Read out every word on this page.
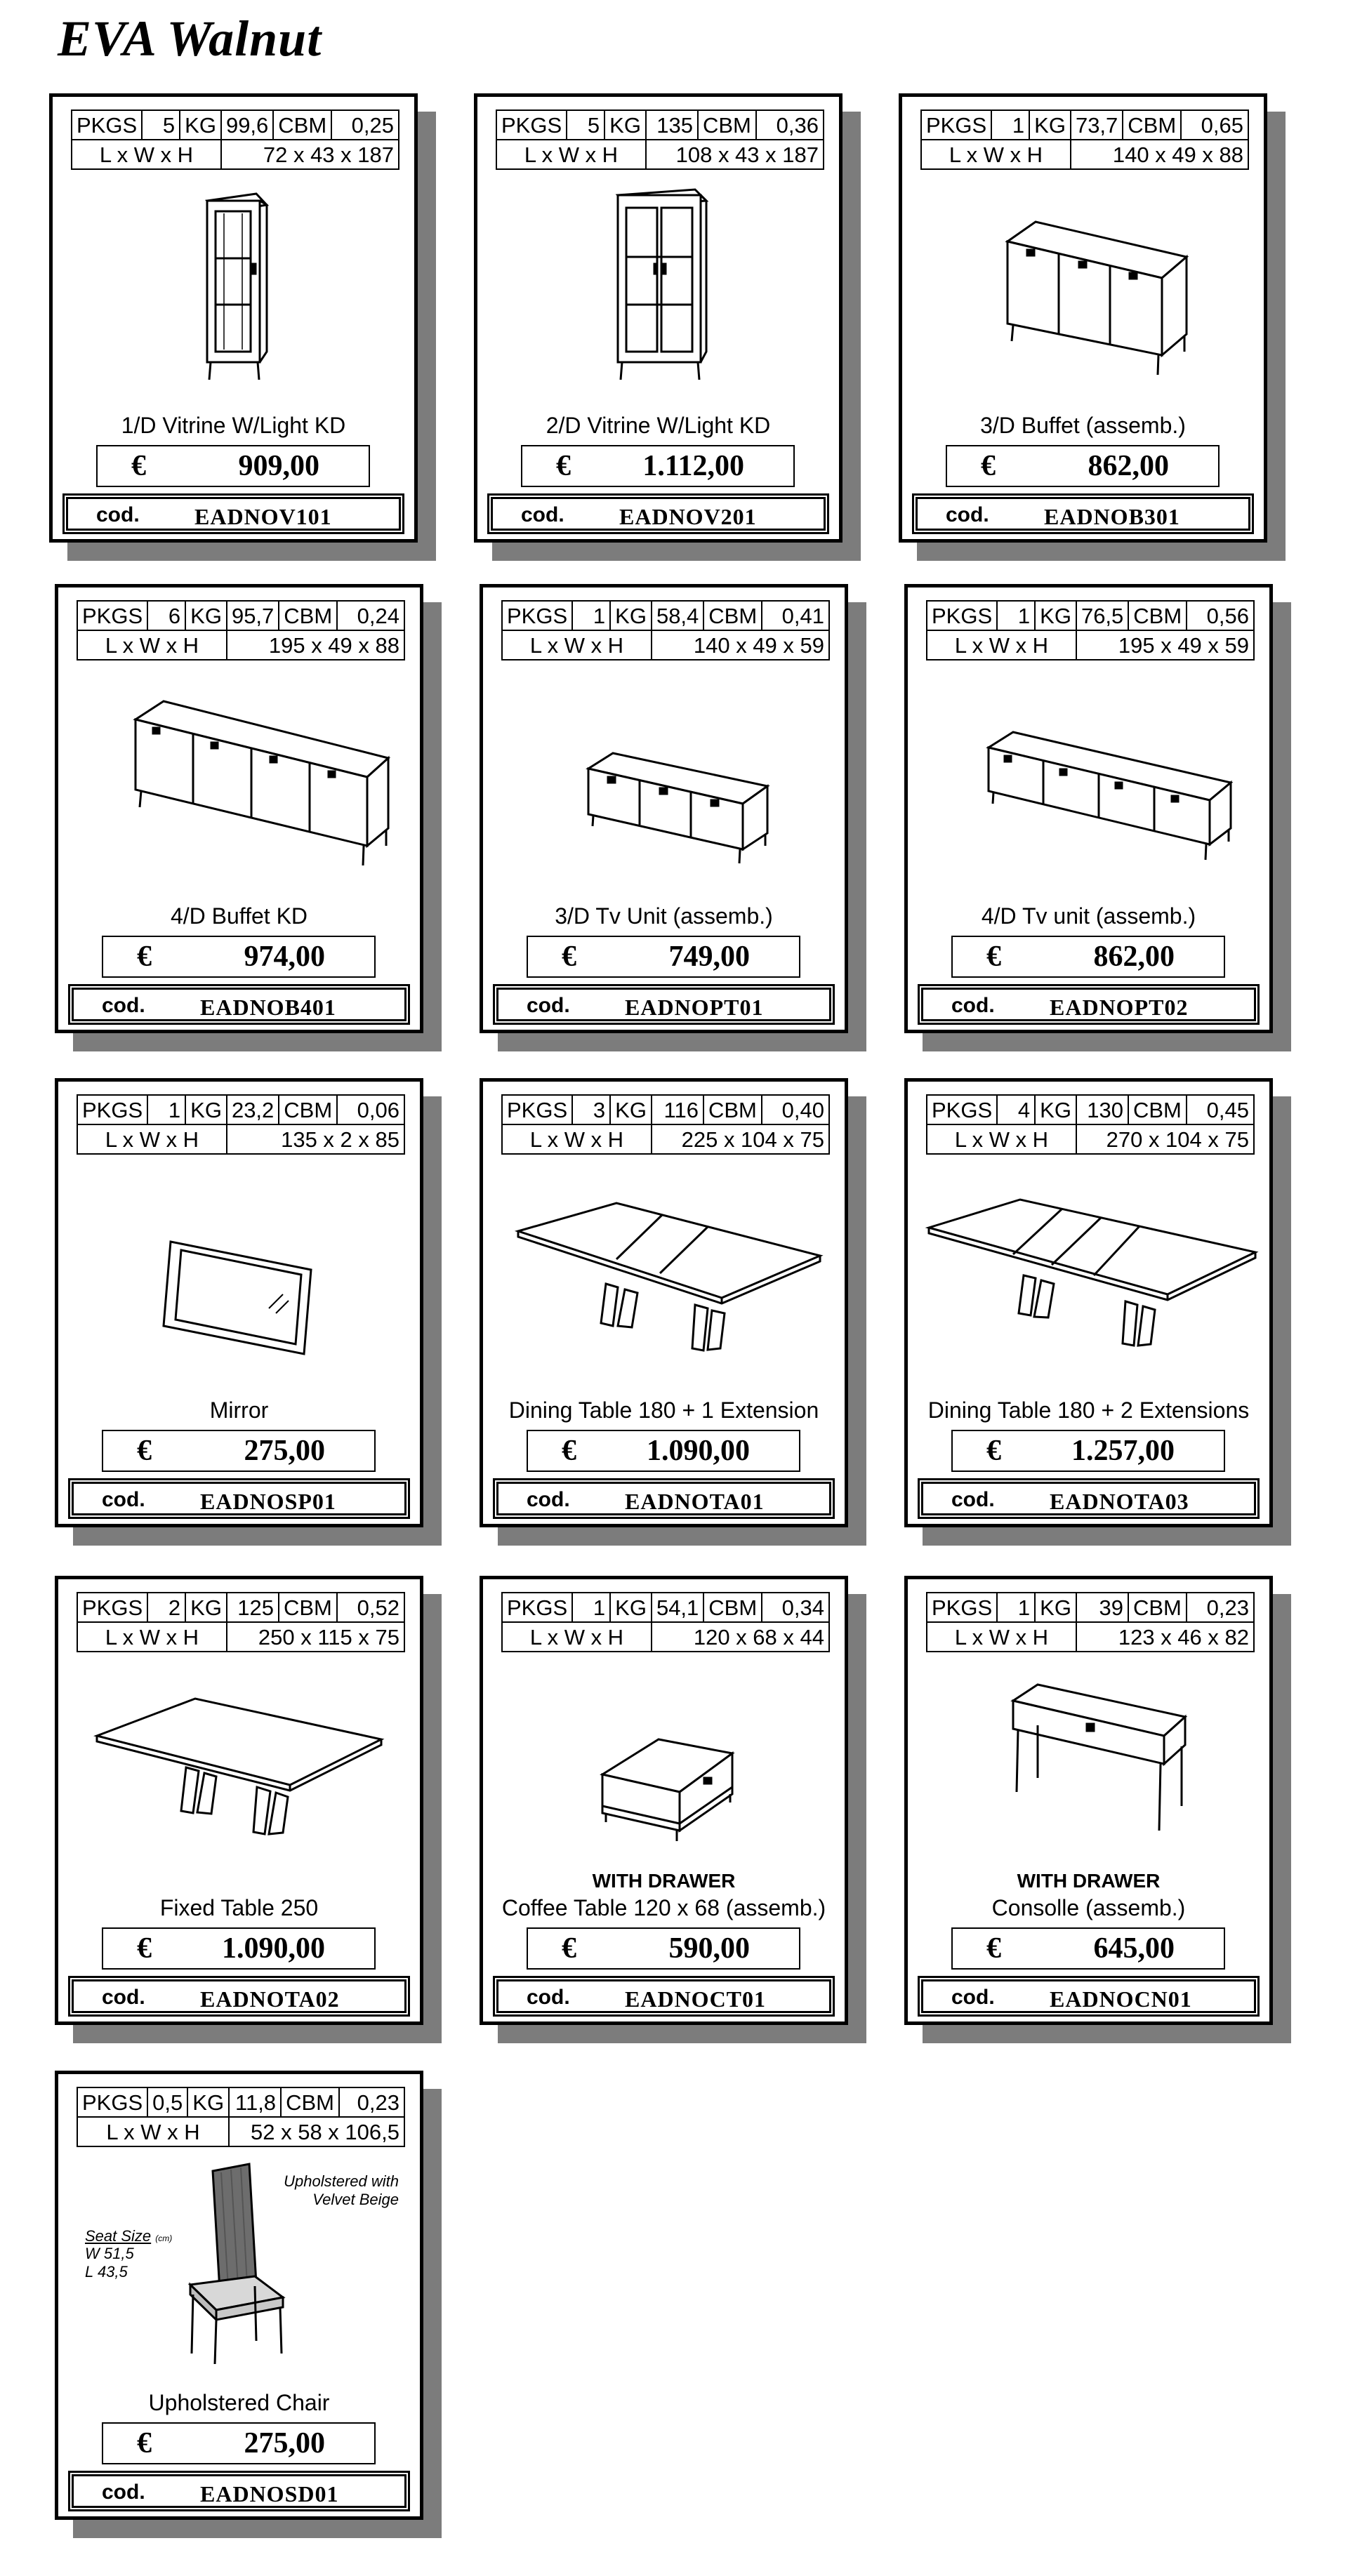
EVA Walnut
PKGS	5	KG	99,6	CBM	0,25
L x W x H			72 x 43 x 187		
1/D Vitrine W/Light KD
€	909,00
cod. EADNOV101
PKGS	5	KG	135	CBM	0,36
L x W x H			108 x 43 x 187		
2/D Vitrine W/Light KD
€ 1.112,00
cod. EADNOV201
PKGS	1	KG	73,7	CBM	0,65
L x W x H			140 x 49 x 88		
3/D Buffet (assemb.)
€	862,00
cod. EADNOB301
PKGS	6	KG	95,7	CBM	0,24
L x W x H			195 x 49 x 88		
4/D Buffet KD
€	974,00
cod. EADNOB401
PKGS	1	KG	58,4	CBM	0,41
L x W x H			140 x 49 x 59		
3/D Tv Unit (assemb.)
€	749,00
cod. EADNOPT01
PKGS	1	KG	76,5	CBM	0,56
L x W x H			195 x 49 x 59		
4/D Tv unit (assemb.)
€	862,00
cod. EADNOPT02
PKGS	1	KG	23,2	CBM	0,06
L x W x H			135 x 2 x 85		
Mirror
€	275,00
cod. EADNOSP01
PKGS	3	KG	116	CBM	0,40
L x W x H			225 x 104 x 75		
Dining Table 180 + 1 Extension
€ 1.090,00
cod. EADNOTA01
PKGS	4	KG	130	CBM	0,45
L x W x H			270 x 104 x 75		
Dining Table 180 + 2 Extensions
€ 1.257,00
cod. EADNOTA03
PKGS	2	KG	125	CBM	0,52
L x W x H			250 x 115 x 75		
Fixed Table 250
€ 1.090,00
cod. EADNOTA02
PKGS	1	KG	54,1	CBM	0,34
L x W x H			120 x 68 x 44		
WITH DRAWER
Coffee Table 120 x 68 (assemb.)
€	590,00
cod. EADNOCT01
PKGS	1	KG	39	CBM	0,23
L x W x H			123 x 46 x 82		
WITH DRAWER
Consolle (assemb.)
€	645,00
cod. EADNOCN01
PKGS	0,5	KG	11,8	CBM	0,23
L x W x H			52 x 58 x 106,5		
Seat Size (cm)
W 51,5
L 43,5
Upholstered with
Velvet Beige
Upholstered Chair
€	275,00
cod. EADNOSD01
